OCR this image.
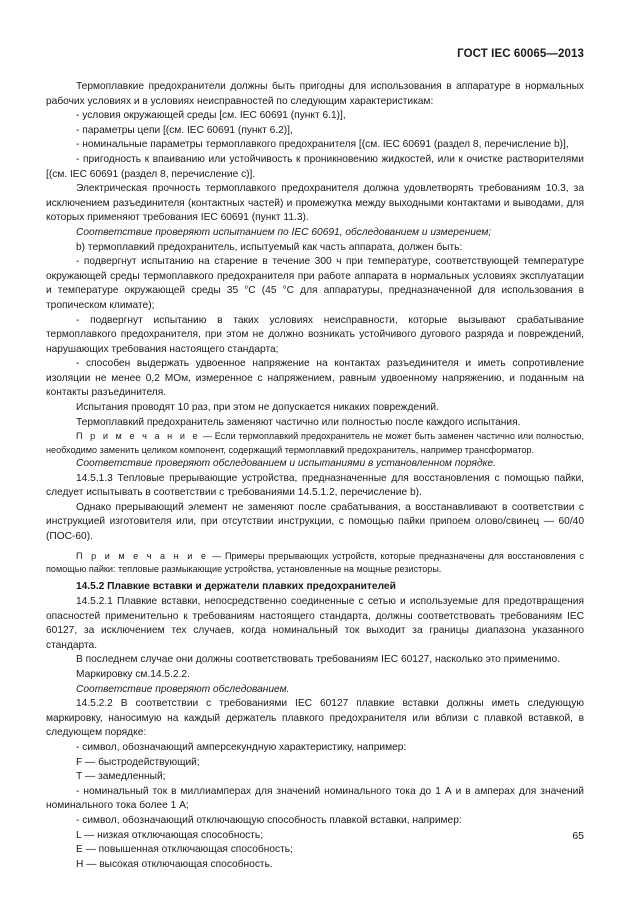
ГОСТ IEC 60065—2013

Термоплавкие предохранители должны быть пригодны для использования в аппаратуре в нормальных рабочих условиях и в условиях неисправностей по следующим характеристикам:

- условия окружающей среды [см. IEC 60691 (пункт 6.1)],

- параметры цепи [(см. IEC 60691 (пункт 6.2)],

- номинальные параметры термоплавкого предохранителя [(см. IEC 60691 (раздел 8, перечисление b)],

- пригодность к впаиванию или устойчивость к проникновению жидкостей, или к очистке растворителями [(см. IEC 60691 (раздел 8, перечисление с)].

Электрическая прочность термоплавкого предохранителя должна удовлетворять требованиям 10.3, за исключением разъединителя (контактных частей) и промежутка между выходными контактами и выводами, для которых применяют требования IEC 60691 (пункт 11.3).

Соответствие проверяют испытанием по IEC 60691, обследованием и измерением;

b) термоплавкий предохранитель, испытуемый как часть аппарата, должен быть:

- подвергнут испытанию на старение в течение 300 ч при температуре, соответствующей температуре окружающей среды термоплавкого предохранителя при работе аппарата в нормальных условиях эксплуатации и температуре окружающей среды 35 °С (45 °С для аппаратуры, предназначенной для использования в тропическом климате);

- подвергнут испытанию в таких условиях неисправности, которые вызывают срабатывание термоплавкого предохранителя, при этом не должно возникать устойчивого дугового разряда и повреждений, нарушающих требования настоящего стандарта;

- способен выдержать удвоенное напряжение на контактах разъединителя и иметь сопротивление изоляции не менее 0,2 МОм, измеренное с напряжением, равным удвоенному напряжению, и поданным на контакты разъединителя.

Испытания проводят 10 раз, при этом не допускается никаких повреждений.

Термоплавкий предохранитель заменяют частично или полностью после каждого испытания.

П р и м е ч а н и е — Если термоплавкий предохранитель не может быть заменен частично или полностью, необходимо заменить целиком компонент, содержащий термоплавкий предохранитель, например трансформатор.

Соответствие проверяют обследованием и испытаниями в установленном порядке.

14.5.1.3 Тепловые прерывающие устройства, предназначенные для восстановления с помощью пайки, следует испытывать в соответствии с требованиями 14.5.1.2, перечисление b).

Однако прерывающий элемент не заменяют после срабатывания, а восстанавливают в соответствии с инструкцией изготовителя или, при отсутствии инструкции, с помощью пайки припоем олово/свинец — 60/40 (ПОС-60).

П р и м е ч а н и е — Примеры прерывающих устройств, которые предназначены для восстановления с помощью пайки: тепловые размыкающие устройства, установленные на мощные резисторы.

14.5.2 Плавкие вставки и держатели плавких предохранителей

14.5.2.1 Плавкие вставки, непосредственно соединенные с сетью и используемые для предотвращения опасностей применительно к требованиям настоящего стандарта, должны соответствовать требованиям IEC 60127, за исключением тех случаев, когда номинальный ток выходит за границы диапазона указанного стандарта.

В последнем случае они должны соответствовать требованиям IEC 60127, насколько это применимо.

Маркировку см.14.5.2.2.

Соответствие проверяют обследованием.

14.5.2.2 В соответствии с требованиями IEC 60127 плавкие вставки должны иметь следующую маркировку, наносимую на каждый держатель плавкого предохранителя или вблизи с плавкой вставкой, в следующем порядке:

- символ, обозначающий амперсекундную характеристику, например:

F — быстродействующий;

Т — замедленный;

- номинальный ток в миллиамперах для значений номинального тока до 1 А и в амперах для значений номинального тока более 1 А;

- символ, обозначающий отключающую способность плавкой вставки, например:

L — низкая отключающая способность;

Е — повышенная отключающая способность;

Н — высокая отключающая способность.

65
